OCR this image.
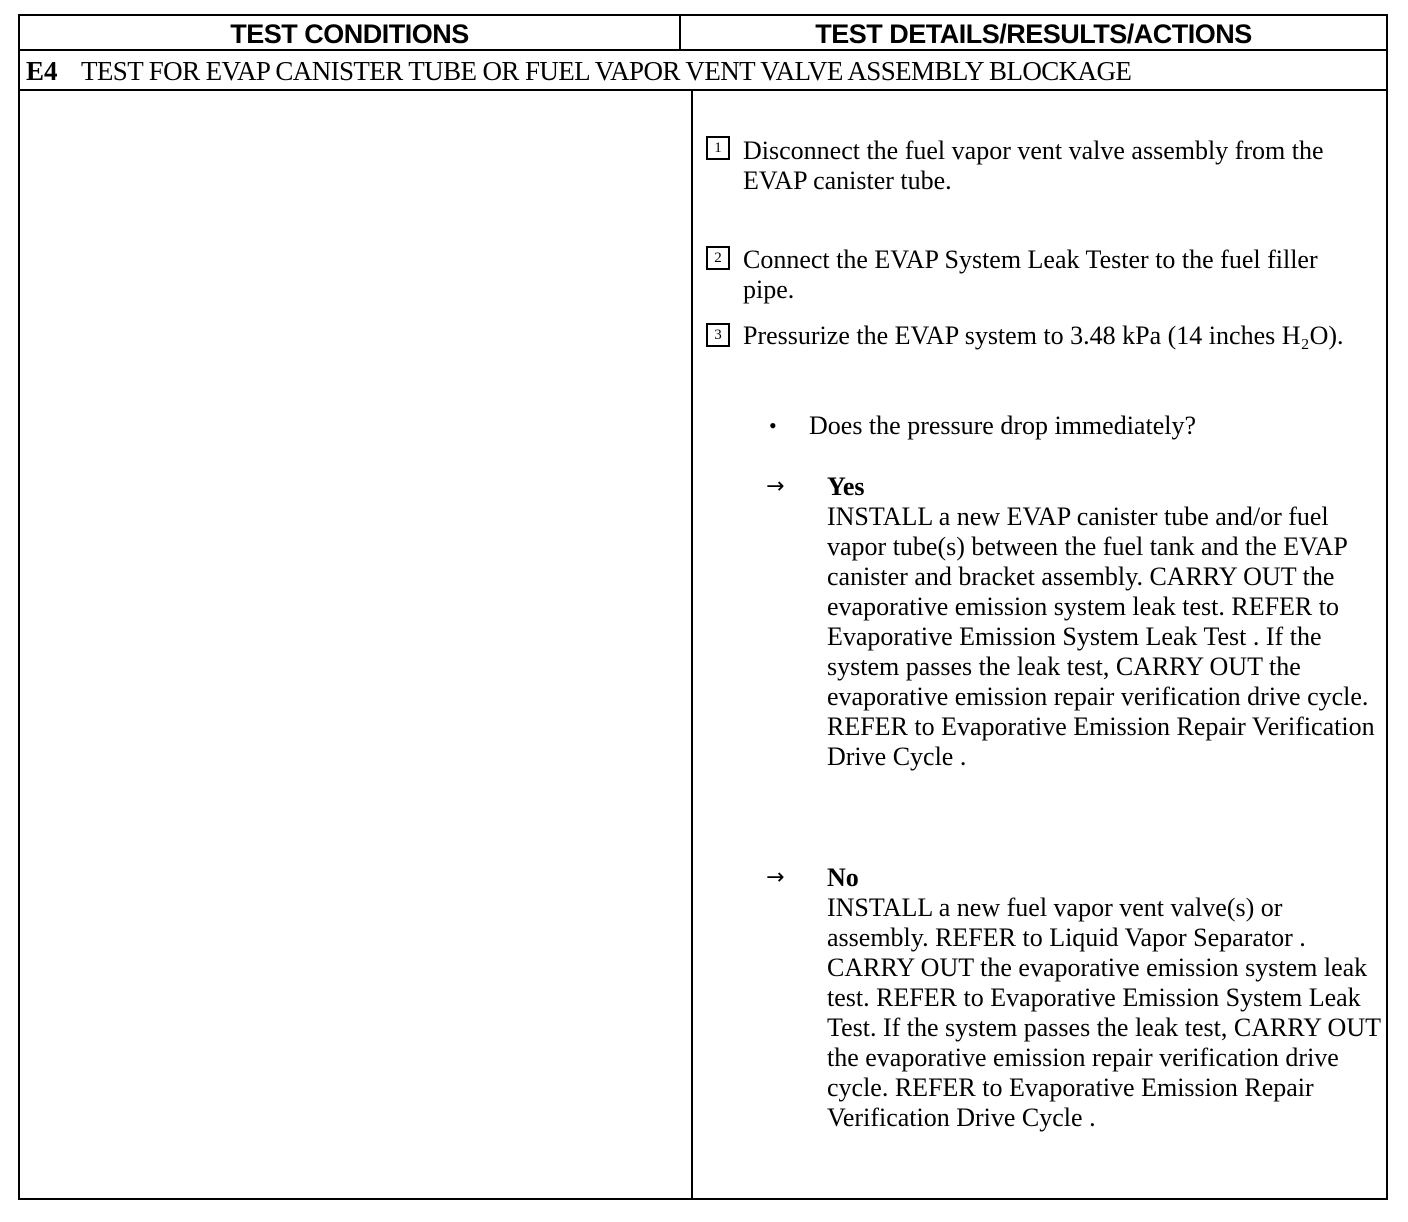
TEST CONDITIONS	TEST DETAILS/RESULTS/ACTIONS
E4 TEST FOR EVAP CANISTER TUBE OR FUEL VAPOR VENT VALVE ASSEMBLY BLOCKAGE
1 Disconnect the fuel vapor vent valve assembly from the EVAP canister tube.
2 Connect the EVAP System Leak Tester to the fuel filler pipe.
3 Pressurize the EVAP system to 3.48 kPa (14 inches H₂O).
• Does the pressure drop immediately?
→ Yes
INSTALL a new EVAP canister tube and/or fuel vapor tube(s) between the fuel tank and the EVAP canister and bracket assembly. CARRY OUT the evaporative emission system leak test. REFER to Evaporative Emission System Leak Test . If the system passes the leak test, CARRY OUT the evaporative emission repair verification drive cycle. REFER to Evaporative Emission Repair Verification Drive Cycle .
→ No
INSTALL a new fuel vapor vent valve(s) or assembly. REFER to Liquid Vapor Separator . CARRY OUT the evaporative emission system leak test. REFER to Evaporative Emission System Leak Test. If the system passes the leak test, CARRY OUT the evaporative emission repair verification drive cycle. REFER to Evaporative Emission Repair Verification Drive Cycle .
